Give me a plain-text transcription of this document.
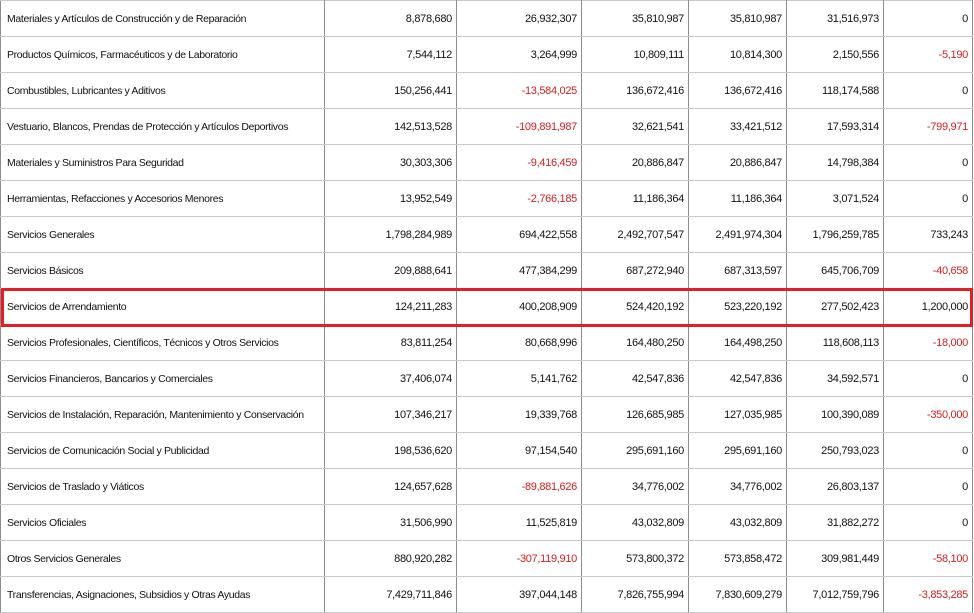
Materiales y Artículos de Construcción y de Reparación	8,878,680	26,932,307	35,810,987	35,810,987	31,516,973	0
Productos Químicos, Farmacéuticos y de Laboratorio	7,544,112	3,264,999	10,809,111	10,814,300	2,150,556	-5,190
Combustibles, Lubricantes y Aditivos	150,256,441	-13,584,025	136,672,416	136,672,416	118,174,588	0
Vestuario, Blancos, Prendas de Protección y Artículos Deportivos	142,513,528	-109,891,987	32,621,541	33,421,512	17,593,314	-799,971
Materiales y Suministros Para Seguridad	30,303,306	-9,416,459	20,886,847	20,886,847	14,798,384	0
Herramientas, Refacciones y Accesorios Menores	13,952,549	-2,766,185	11,186,364	11,186,364	3,071,524	0
Servicios Generales	1,798,284,989	694,422,558	2,492,707,547	2,491,974,304	1,796,259,785	733,243
Servicios Básicos	209,888,641	477,384,299	687,272,940	687,313,597	645,706,709	-40,658
Servicios de Arrendamiento	124,211,283	400,208,909	524,420,192	523,220,192	277,502,423	1,200,000
Servicios Profesionales, Científicos, Técnicos y Otros Servicios	83,811,254	80,668,996	164,480,250	164,498,250	118,608,113	-18,000
Servicios Financieros, Bancarios y Comerciales	37,406,074	5,141,762	42,547,836	42,547,836	34,592,571	0
Servicios de Instalación, Reparación, Mantenimiento y Conservación	107,346,217	19,339,768	126,685,985	127,035,985	100,390,089	-350,000
Servicios de Comunicación Social y Publicidad	198,536,620	97,154,540	295,691,160	295,691,160	250,793,023	0
Servicios de Traslado y Viáticos	124,657,628	-89,881,626	34,776,002	34,776,002	26,803,137	0
Servicios Oficiales	31,506,990	11,525,819	43,032,809	43,032,809	31,882,272	0
Otros Servicios Generales	880,920,282	-307,119,910	573,800,372	573,858,472	309,981,449	-58,100
Transferencias, Asignaciones, Subsidios y Otras Ayudas	7,429,711,846	397,044,148	7,826,755,994	7,830,609,279	7,012,759,796	-3,853,285
